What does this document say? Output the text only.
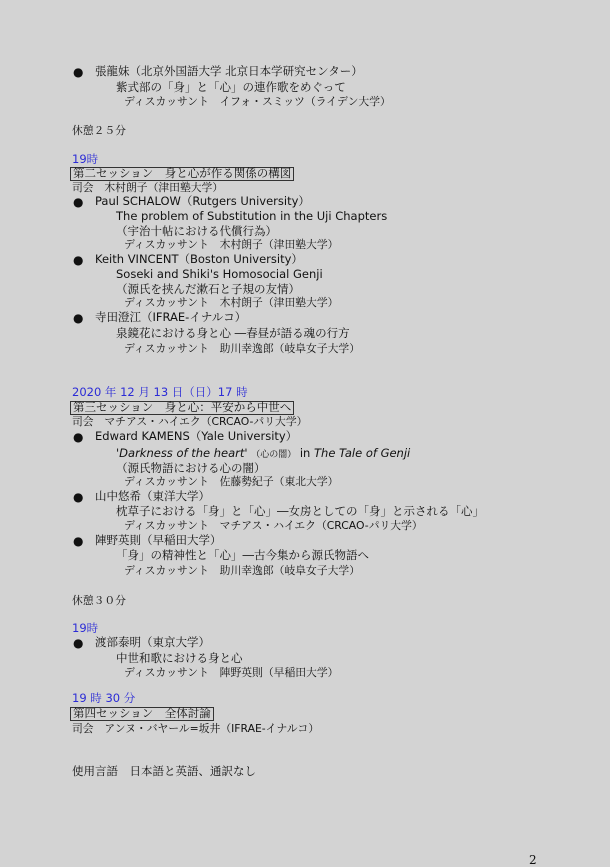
● 張龍妹（北京外国語大学 北京日本学研究センター）
紫式部の「身」と「心」の連作歌をめぐって
ディスカッサント　イフォ・スミッツ（ライデン大学）
休憩２５分
19時
第二セッション　身と心が作る関係の構図
司会　木村朗子（津田塾大学）
● Paul SCHALOW（Rutgers University）
The problem of Substitution in the Uji Chapters
（宇治十帖における代償行為）
ディスカッサント　木村朗子（津田塾大学）
● Keith VINCENT（Boston University）
Soseki and Shiki's Homosocial Genji
（源氏を挟んだ漱石と子規の友情）
ディスカッサント　木村朗子（津田塾大学）
● 寺田澄江（IFRAE-イナルコ）
泉鏡花における身と心 ―春昼が語る魂の行方
ディスカッサント　助川幸逸郎（岐阜女子大学）
2020 年 12 月 13 日（日）17 時
第三セッション　身と心：平安から中世へ
司会　マチアス・ハイエク（CRCAO-パリ大学）
● Edward KAMENS（Yale University）
'Darkness of the heart' （心の闇） in The Tale of Genji
（源氏物語における心の闇）
ディスカッサント　佐藤勢紀子（東北大学）
● 山中悠希（東洋大学）
枕草子における「身」と「心」―女房としての「身」と示される「心」
ディスカッサント　マチアス・ハイエク（CRCAO-パリ大学）
● 陣野英則（早稲田大学）
「身」の精神性と「心」―古今集から源氏物語へ
ディスカッサント　助川幸逸郎（岐阜女子大学）
休憩３０分
19時
● 渡部泰明（東京大学）
中世和歌における身と心
ディスカッサント　陣野英則（早稲田大学）
19 時 30 分
第四セッション　全体討論
司会　アンヌ・バヤール=坂井（IFRAE-イナルコ）
使用言語　日本語と英語、通訳なし
2
